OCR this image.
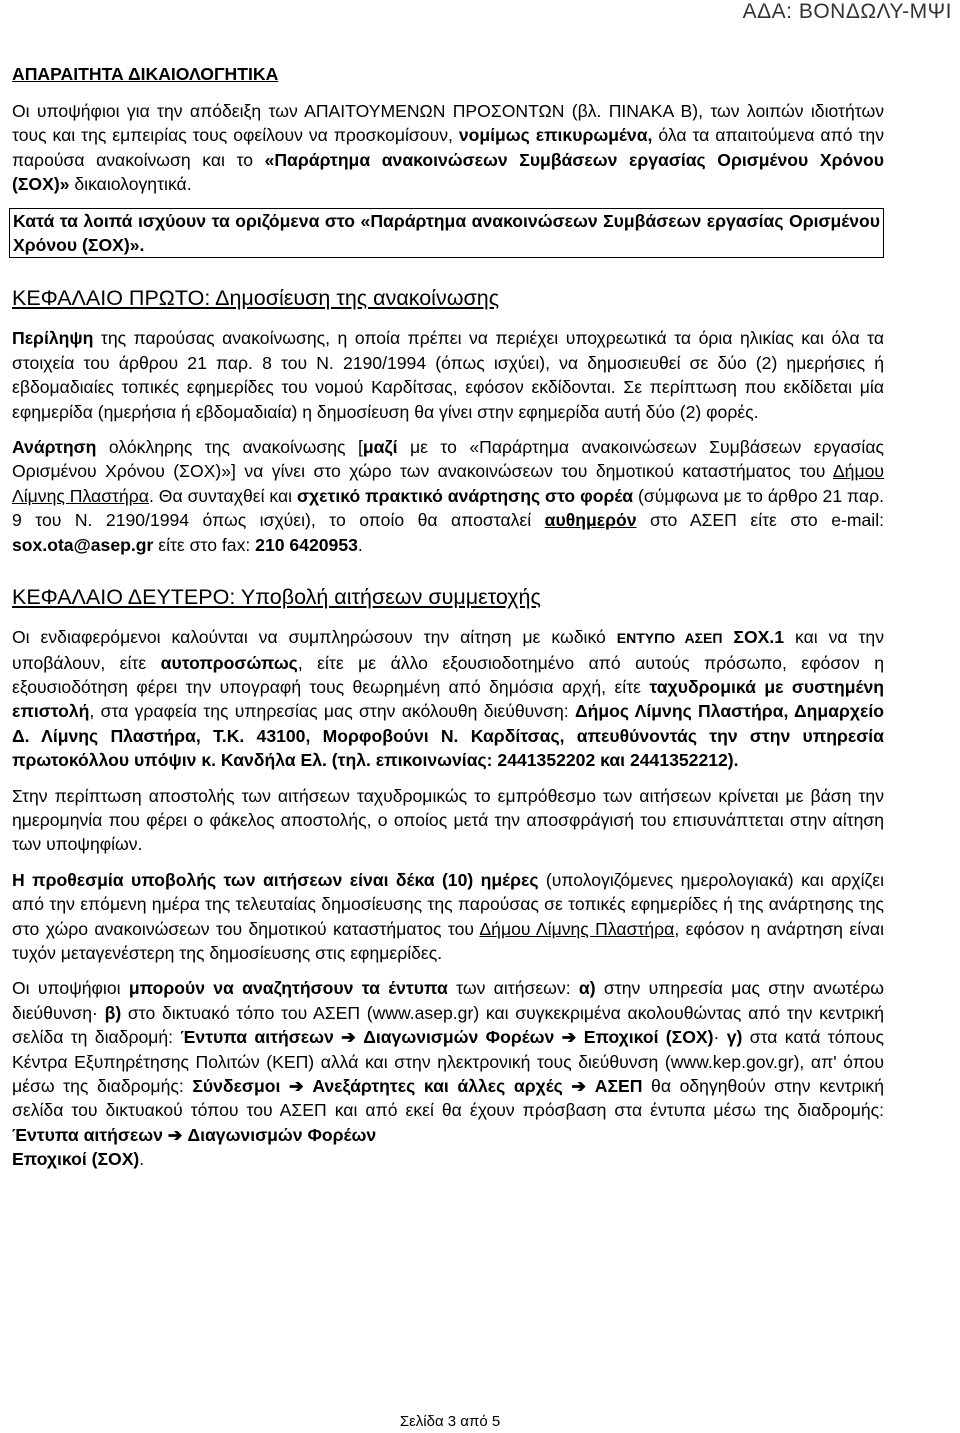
ΑΔΑ: ΒΟΝΔΩΛΥ-ΜΨΙ
ΑΠΑΡΑΙΤΗΤΑ ΔΙΚΑΙΟΛΟΓΗΤΙΚΑ

Οι υποψήφιοι για την απόδειξη των ΑΠΑΙΤΟΥΜΕΝΩΝ ΠΡΟΣΟΝΤΩΝ (βλ. ΠΙΝΑΚΑ Β), των λοιπών ιδιοτήτων τους και της εμπειρίας τους οφείλουν να προσκομίσουν, νομίμως επικυρωμένα, όλα τα απαιτούμενα από την παρούσα ανακοίνωση και το «Παράρτημα ανακοινώσεων Συμβάσεων εργασίας Ορισμένου Χρόνου (ΣΟΧ)» δικαιολογητικά.

Κατά τα λοιπά ισχύουν τα οριζόμενα στο «Παράρτημα ανακοινώσεων Συμβάσεων εργασίας Ορισμένου Χρόνου (ΣΟΧ)».

ΚΕΦΑΛΑΙΟ ΠΡΩΤΟ: Δημοσίευση της ανακοίνωσης

Περίληψη της παρούσας ανακοίνωσης, η οποία πρέπει να περιέχει υποχρεωτικά τα όρια ηλικίας και όλα τα στοιχεία του άρθρου 21 παρ. 8 του Ν. 2190/1994 (όπως ισχύει), να δημοσιευθεί σε δύο (2) ημερήσιες ή εβδομαδιαίες τοπικές εφημερίδες του νομού Καρδίτσας, εφόσον εκδίδονται. Σε περίπτωση που εκδίδεται μία εφημερίδα (ημερήσια ή εβδομαδιαία) η δημοσίευση θα γίνει στην εφημερίδα αυτή δύο (2) φορές.

Ανάρτηση ολόκληρης της ανακοίνωσης [μαζί με το «Παράρτημα ανακοινώσεων Συμβάσεων εργασίας Ορισμένου Χρόνου (ΣΟΧ)»] να γίνει στο χώρο των ανακοινώσεων του δημοτικού καταστήματος του Δήμου Λίμνης Πλαστήρα. Θα συνταχθεί και σχετικό πρακτικό ανάρτησης στο φορέα (σύμφωνα με το άρθρο 21 παρ. 9 του Ν. 2190/1994 όπως ισχύει), το οποίο θα αποσταλεί αυθημερόν στο ΑΣΕΠ είτε στο e-mail: sox.ota@asep.gr είτε στο fax: 210 6420953.

ΚΕΦΑΛΑΙΟ ΔΕΥΤΕΡΟ: Υποβολή αιτήσεων συμμετοχής

Οι ενδιαφερόμενοι καλούνται να συμπληρώσουν την αίτηση με κωδικό ΕΝΤΥΠΟ ΑΣΕΠ ΣΟΧ.1 και να την υποβάλουν, είτε αυτοπροσώπως, είτε με άλλο εξουσιοδοτημένο από αυτούς πρόσωπο, εφόσον η εξουσιοδότηση φέρει την υπογραφή τους θεωρημένη από δημόσια αρχή, είτε ταχυδρομικά με συστημένη επιστολή, στα γραφεία της υπηρεσίας μας στην ακόλουθη διεύθυνση: Δήμος Λίμνης Πλαστήρα, Δημαρχείο Δ. Λίμνης Πλαστήρα, Τ.Κ. 43100, Μορφοβούνι Ν. Καρδίτσας, απευθύνοντάς την στην υπηρεσία πρωτοκόλλου υπόψιν κ. Κανδήλα Ελ. (τηλ. επικοινωνίας: 2441352202 και 2441352212).

Στην περίπτωση αποστολής των αιτήσεων ταχυδρομικώς το εμπρόθεσμο των αιτήσεων κρίνεται με βάση την ημερομηνία που φέρει ο φάκελος αποστολής, ο οποίος μετά την αποσφράγισή του επισυνάπτεται στην αίτηση των υποψηφίων.

Η προθεσμία υποβολής των αιτήσεων είναι δέκα (10) ημέρες (υπολογιζόμενες ημερολογιακά) και αρχίζει από την επόμενη ημέρα της τελευταίας δημοσίευσης της παρούσας σε τοπικές εφημερίδες ή της ανάρτησης της στο χώρο ανακοινώσεων του δημοτικού καταστήματος του Δήμου Λίμνης Πλαστήρα, εφόσον η ανάρτηση είναι τυχόν μεταγενέστερη της δημοσίευσης στις εφημερίδες.

Οι υποψήφιοι μπορούν να αναζητήσουν τα έντυπα των αιτήσεων: α) στην υπηρεσία μας στην ανωτέρω διεύθυνση· β) στο δικτυακό τόπο του ΑΣΕΠ (www.asep.gr) και συγκεκριμένα ακολουθώντας από την κεντρική σελίδα τη διαδρομή: Έντυπα αιτήσεων ➔ Διαγωνισμών Φορέων ➔ Εποχικοί (ΣΟΧ)· γ) στα κατά τόπους Κέντρα Εξυπηρέτησης Πολιτών (ΚΕΠ) αλλά και στην ηλεκτρονική τους διεύθυνση (www.kep.gov.gr), απ' όπου μέσω της διαδρομής: Σύνδεσμοι ➔ Ανεξάρτητες και άλλες αρχές ➔ ΑΣΕΠ θα οδηγηθούν στην κεντρική σελίδα του δικτυακού τόπου του ΑΣΕΠ και από εκεί θα έχουν πρόσβαση στα έντυπα μέσω της διαδρομής: Έντυπα αιτήσεων ➔ Διαγωνισμών Φορέων
Εποχικοί (ΣΟΧ).

Σελίδα 3 από 5
